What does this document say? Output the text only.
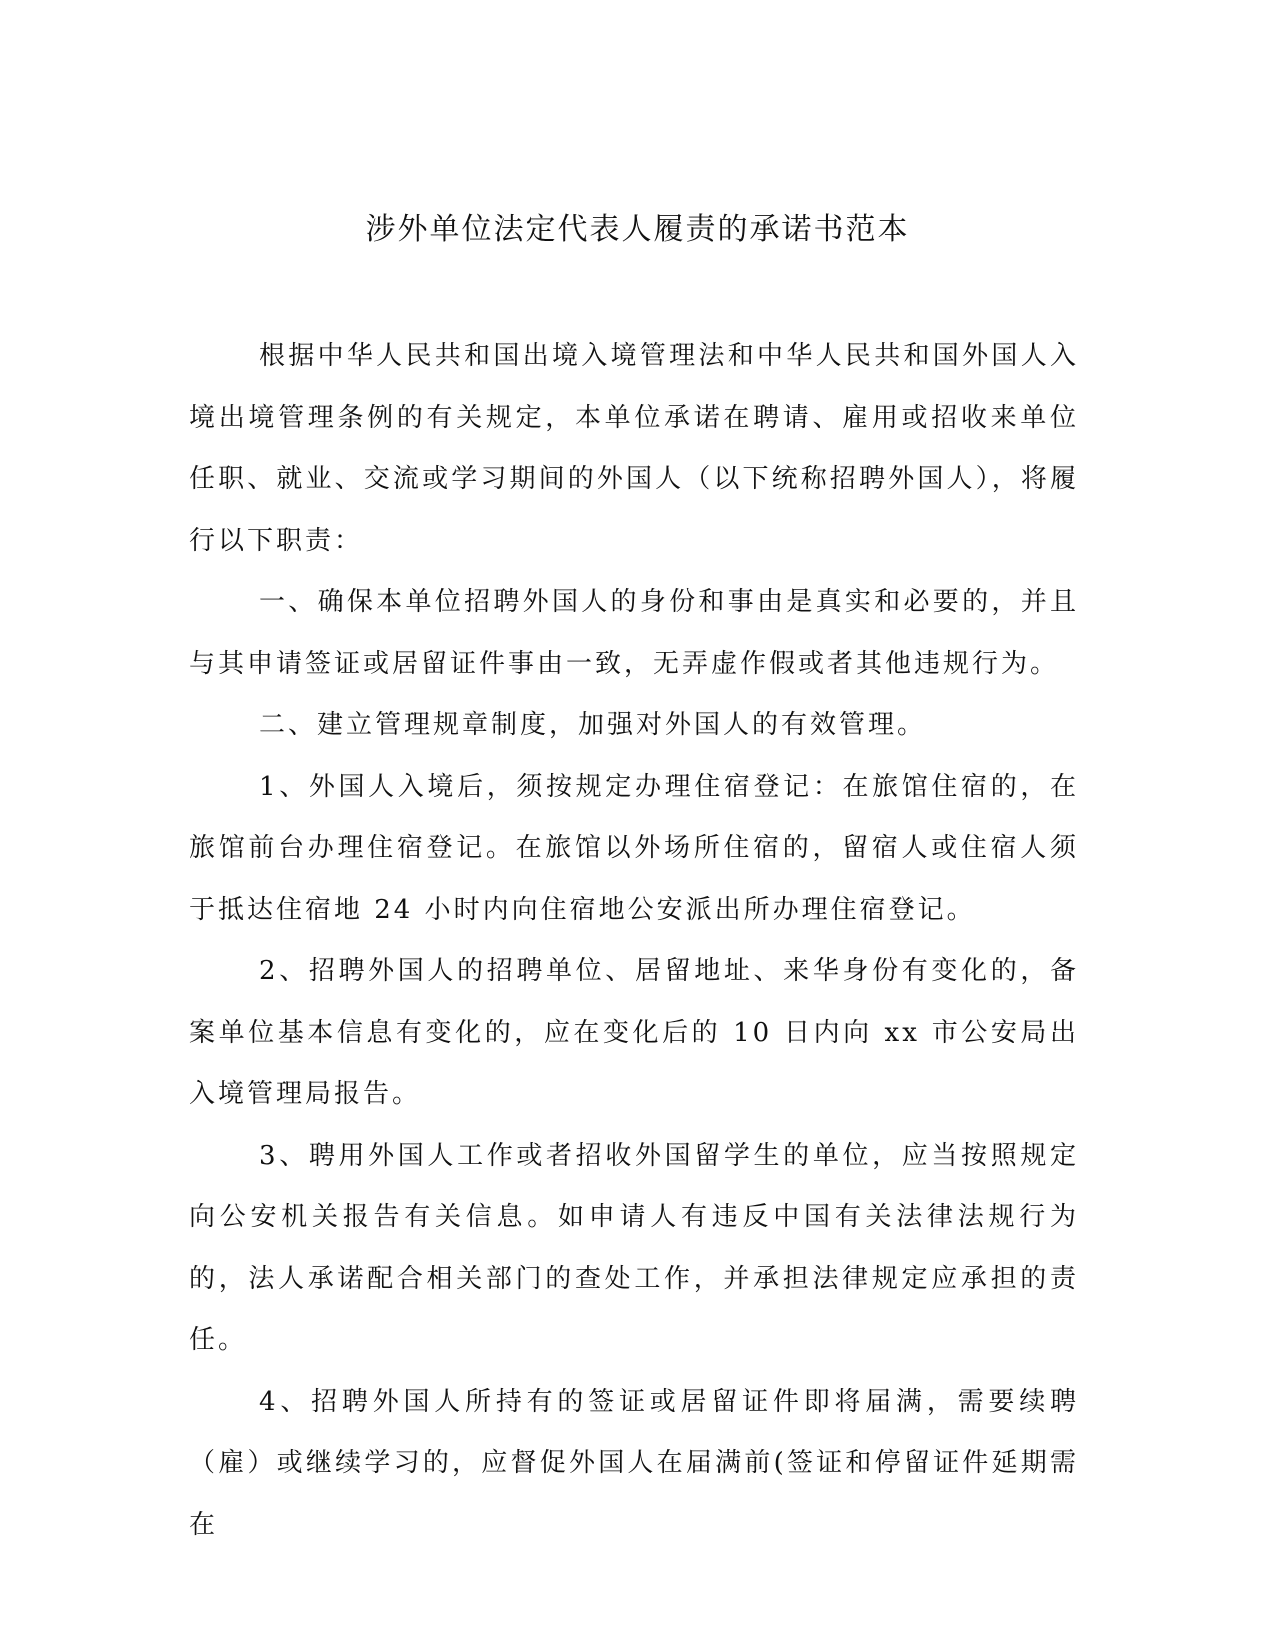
涉外单位法定代表人履责的承诺书范本

根据中华人民共和国出境入境管理法和中华人民共和国外国人入境出境管理条例的有关规定，本单位承诺在聘请、雇用或招收来单位任职、就业、交流或学习期间的外国人（以下统称招聘外国人），将履行以下职责：

一、确保本单位招聘外国人的身份和事由是真实和必要的，并且与其申请签证或居留证件事由一致，无弄虚作假或者其他违规行为。

二、建立管理规章制度，加强对外国人的有效管理。

1、外国人入境后，须按规定办理住宿登记：在旅馆住宿的，在旅馆前台办理住宿登记。在旅馆以外场所住宿的，留宿人或住宿人须于抵达住宿地 24 小时内向住宿地公安派出所办理住宿登记。

2、招聘外国人的招聘单位、居留地址、来华身份有变化的，备案单位基本信息有变化的，应在变化后的 10 日内向 xx 市公安局出入境管理局报告。

3、聘用外国人工作或者招收外国留学生的单位，应当按照规定向公安机关报告有关信息。如申请人有违反中国有关法律法规行为的，法人承诺配合相关部门的查处工作，并承担法律规定应承担的责任。

4、招聘外国人所持有的签证或居留证件即将届满，需要续聘（雇）或继续学习的，应督促外国人在届满前(签证和停留证件延期需在
